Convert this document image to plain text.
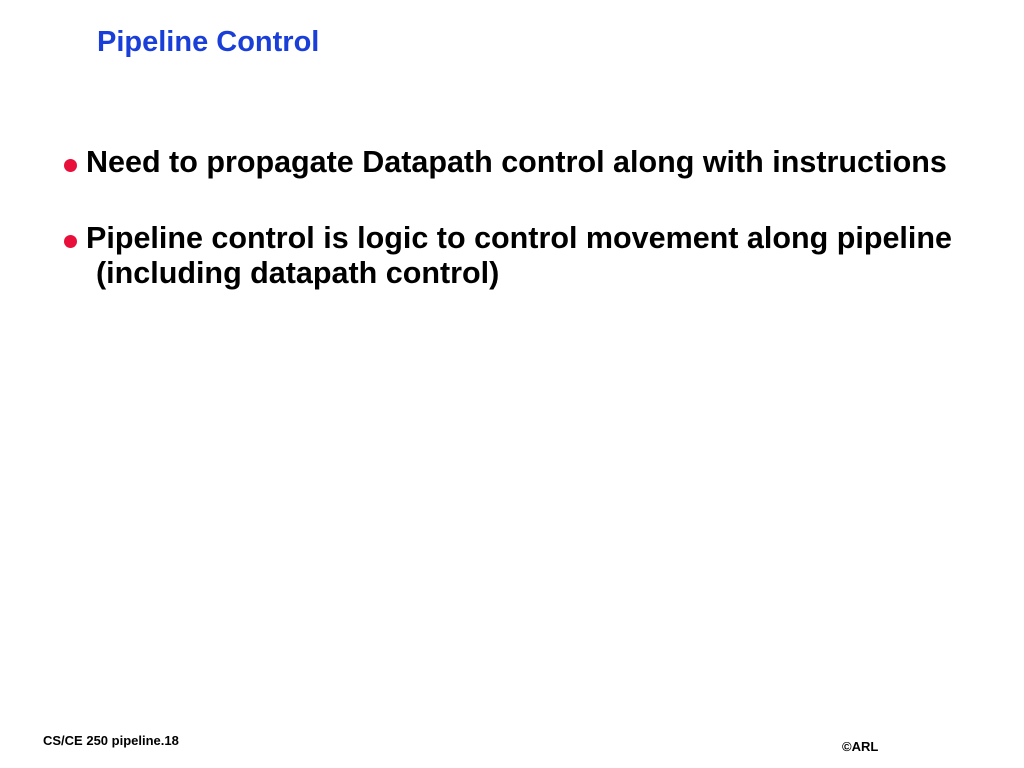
Pipeline Control
Need to propagate Datapath control along with instructions
Pipeline control is logic to control movement along pipeline (including datapath control)
CS/CE 250 pipeline.18	©ARL
